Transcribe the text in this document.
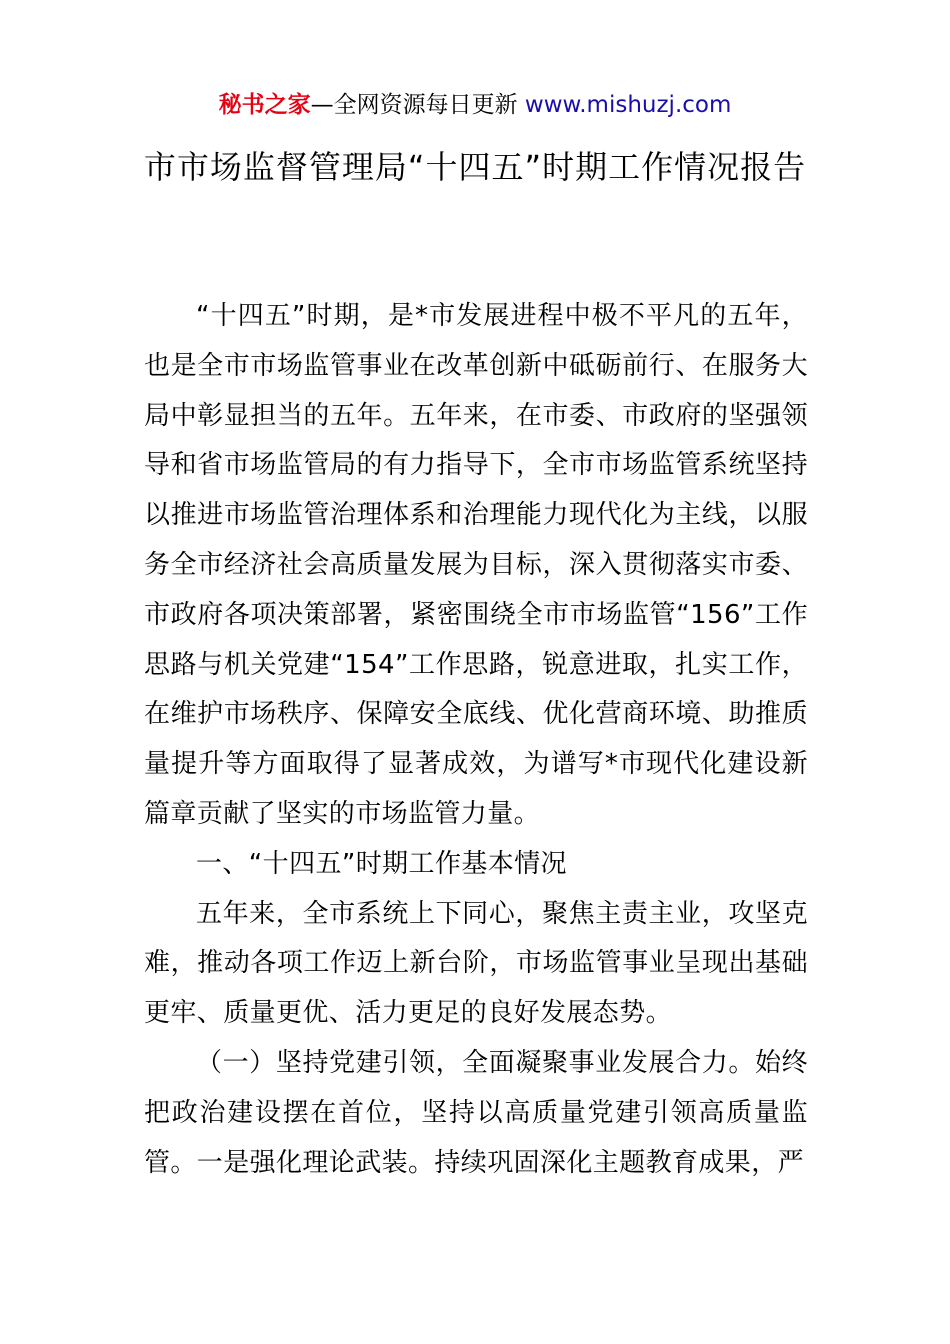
秘书之家—全网资源每日更新 www.mishuzj.com
市市场监督管理局“十四五”时期工作情况报告

“十四五”时期，是*市发展进程中极不平凡的五年，也是全市市场监管事业在改革创新中砥砺前行、在服务大局中彰显担当的五年。五年来，在市委、市政府的坚强领导和省市场监管局的有力指导下，全市市场监管系统坚持以推进市场监管治理体系和治理能力现代化为主线，以服务全市经济社会高质量发展为目标，深入贯彻落实市委、市政府各项决策部署，紧密围绕全市市场监管“156”工作思路与机关党建“154”工作思路，锐意进取，扎实工作，在维护市场秩序、保障安全底线、优化营商环境、助推质量提升等方面取得了显著成效，为谱写*市现代化建设新篇章贡献了坚实的市场监管力量。

一、“十四五”时期工作基本情况

五年来，全市系统上下同心，聚焦主责主业，攻坚克难，推动各项工作迈上新台阶，市场监管事业呈现出基础更牢、质量更优、活力更足的良好发展态势。

（一）坚持党建引领，全面凝聚事业发展合力。始终把政治建设摆在首位，坚持以高质量党建引领高质量监管。一是强化理论武装。持续巩固深化主题教育成果，严
